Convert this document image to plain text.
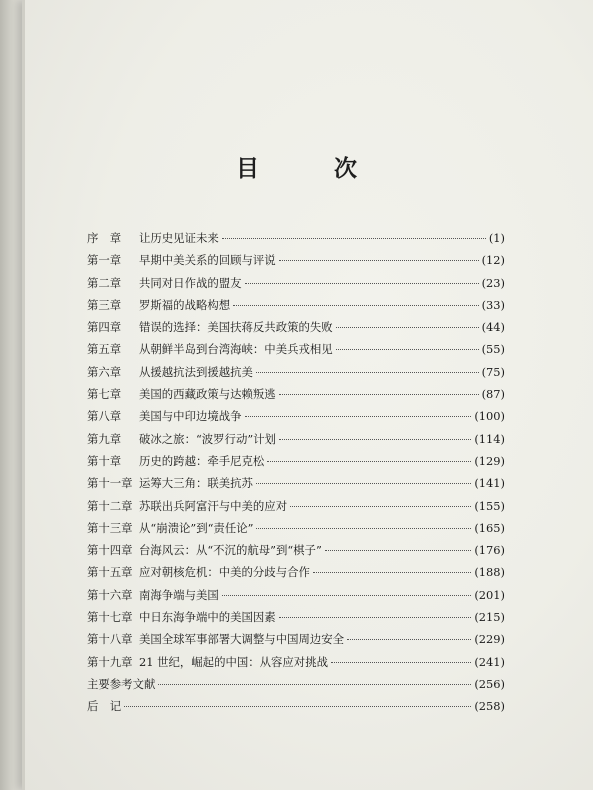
目　次
序　章	让历史见证未来	(1)
第一章	早期中美关系的回顾与评说	(12)
第二章	共同对日作战的盟友	(23)
第三章	罗斯福的战略构想	(33)
第四章	错误的选择：美国扶蒋反共政策的失败	(44)
第五章	从朝鲜半岛到台湾海峡：中美兵戎相见	(55)
第六章	从援越抗法到援越抗美	(75)
第七章	美国的西藏政策与达赖叛逃	(87)
第八章	美国与中印边境战争	(100)
第九章	破冰之旅：“波罗行动”计划	(114)
第十章	历史的跨越：牵手尼克松	(129)
第十一章 运筹大三角：联美抗苏	(141)
第十二章 苏联出兵阿富汗与中美的应对	(155)
第十三章 从“崩溃论”到“责任论”	(165)
第十四章 台海风云：从“不沉的航母”到“棋子”	(176)
第十五章 应对朝核危机：中美的分歧与合作	(188)
第十六章 南海争端与美国	(201)
第十七章 中日东海争端中的美国因素	(215)
第十八章 美国全球军事部署大调整与中国周边安全	(229)
第十九章 21 世纪，崛起的中国：从容应对挑战	(241)
主要参考文献	(256)
后　记	(258)
